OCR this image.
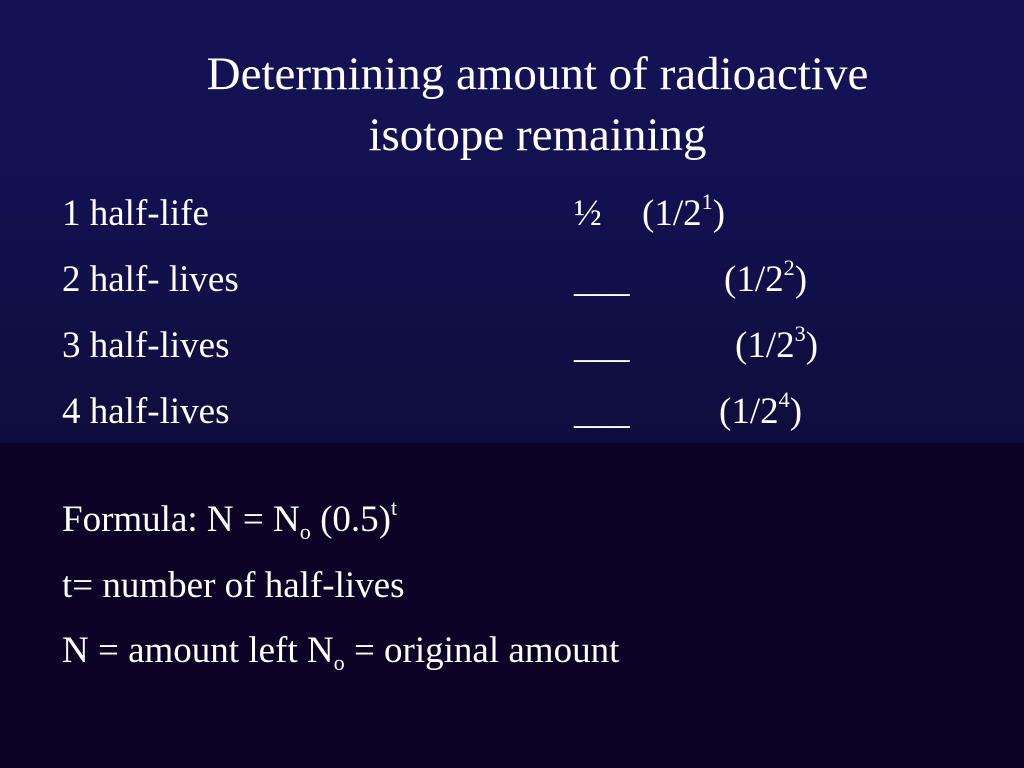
Determining amount of radioactive
isotope remaining
1 half-life	½ $(1/2^1)$
2 half- lives	___	$(1/2^2)$
3 half-lives	___	$(1/2^3)$
4 half-lives	___ $(1/2^4)$
Formula: $N = N_o$ $(0.5)^t$
t= number of half-lives
N = amount left $N_o$ = original amount
